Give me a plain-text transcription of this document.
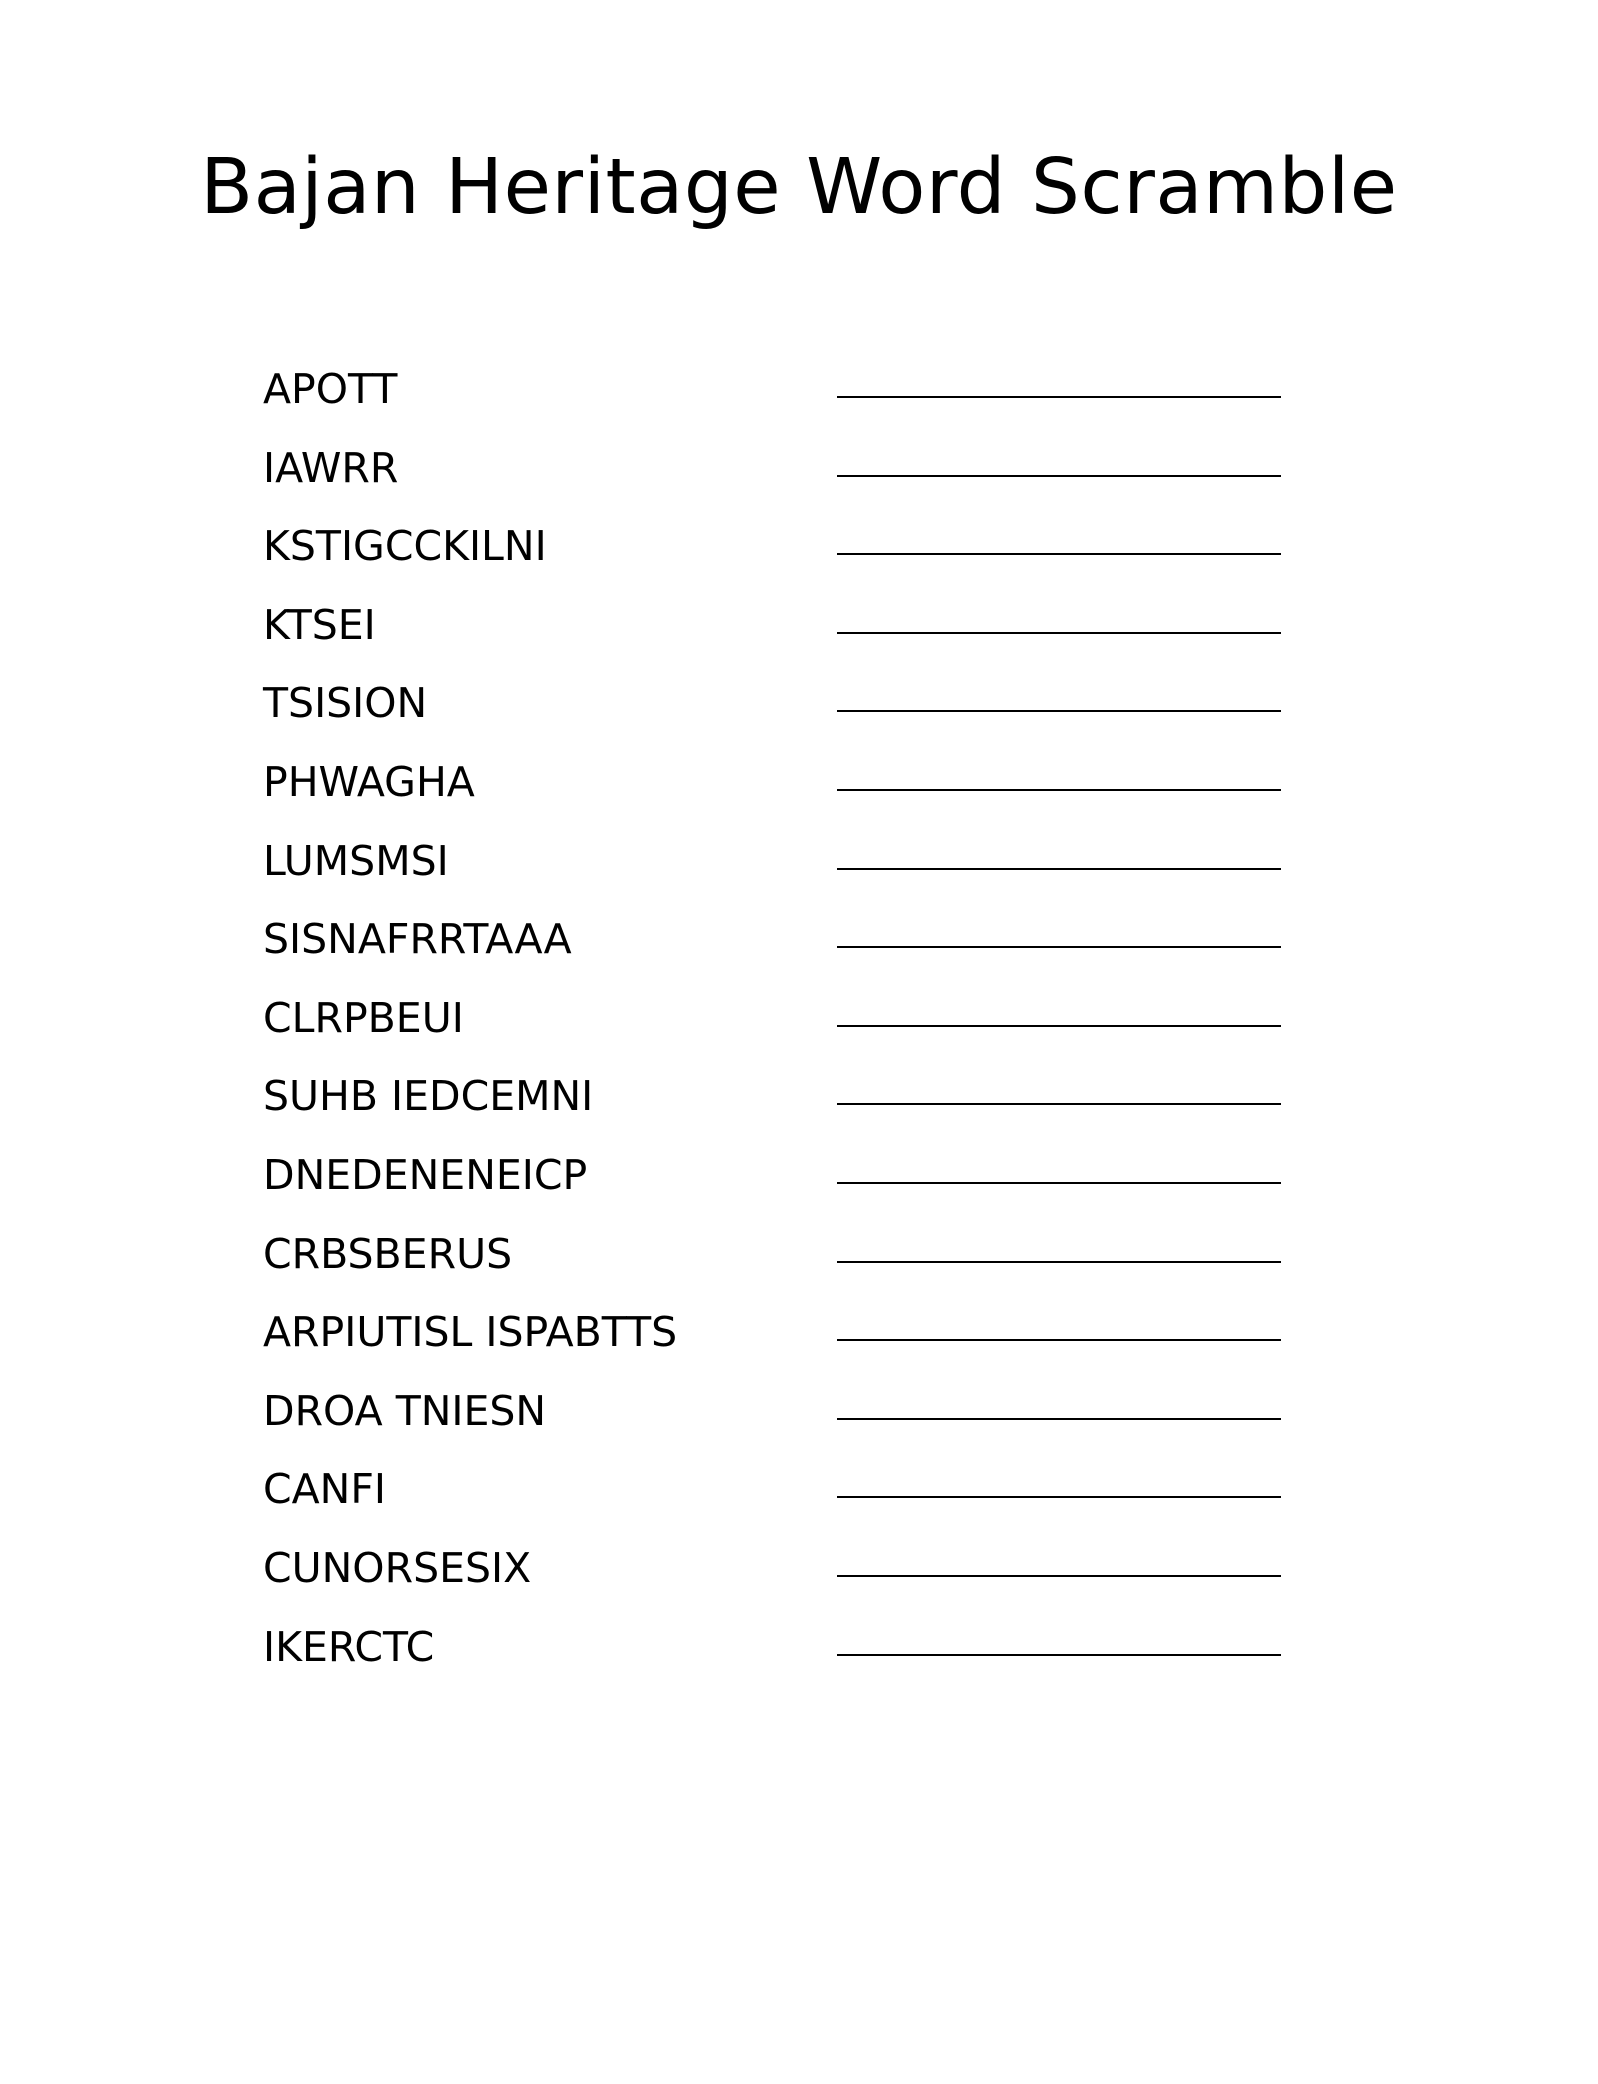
Bajan Heritage Word Scramble
APOTT
IAWRR
KSTIGCCKILNI
KTSEI
TSISION
PHWAGHA
LUMSMSI
SISNAFRRTAAA
CLRPBEUI
SUHB IEDCEMNI
DNEDENENEICP
CRBSBERUS
ARPIUTISL ISPABTTS
DROA TNIESN
CANFI
CUNORSESIX
IKERCTC
